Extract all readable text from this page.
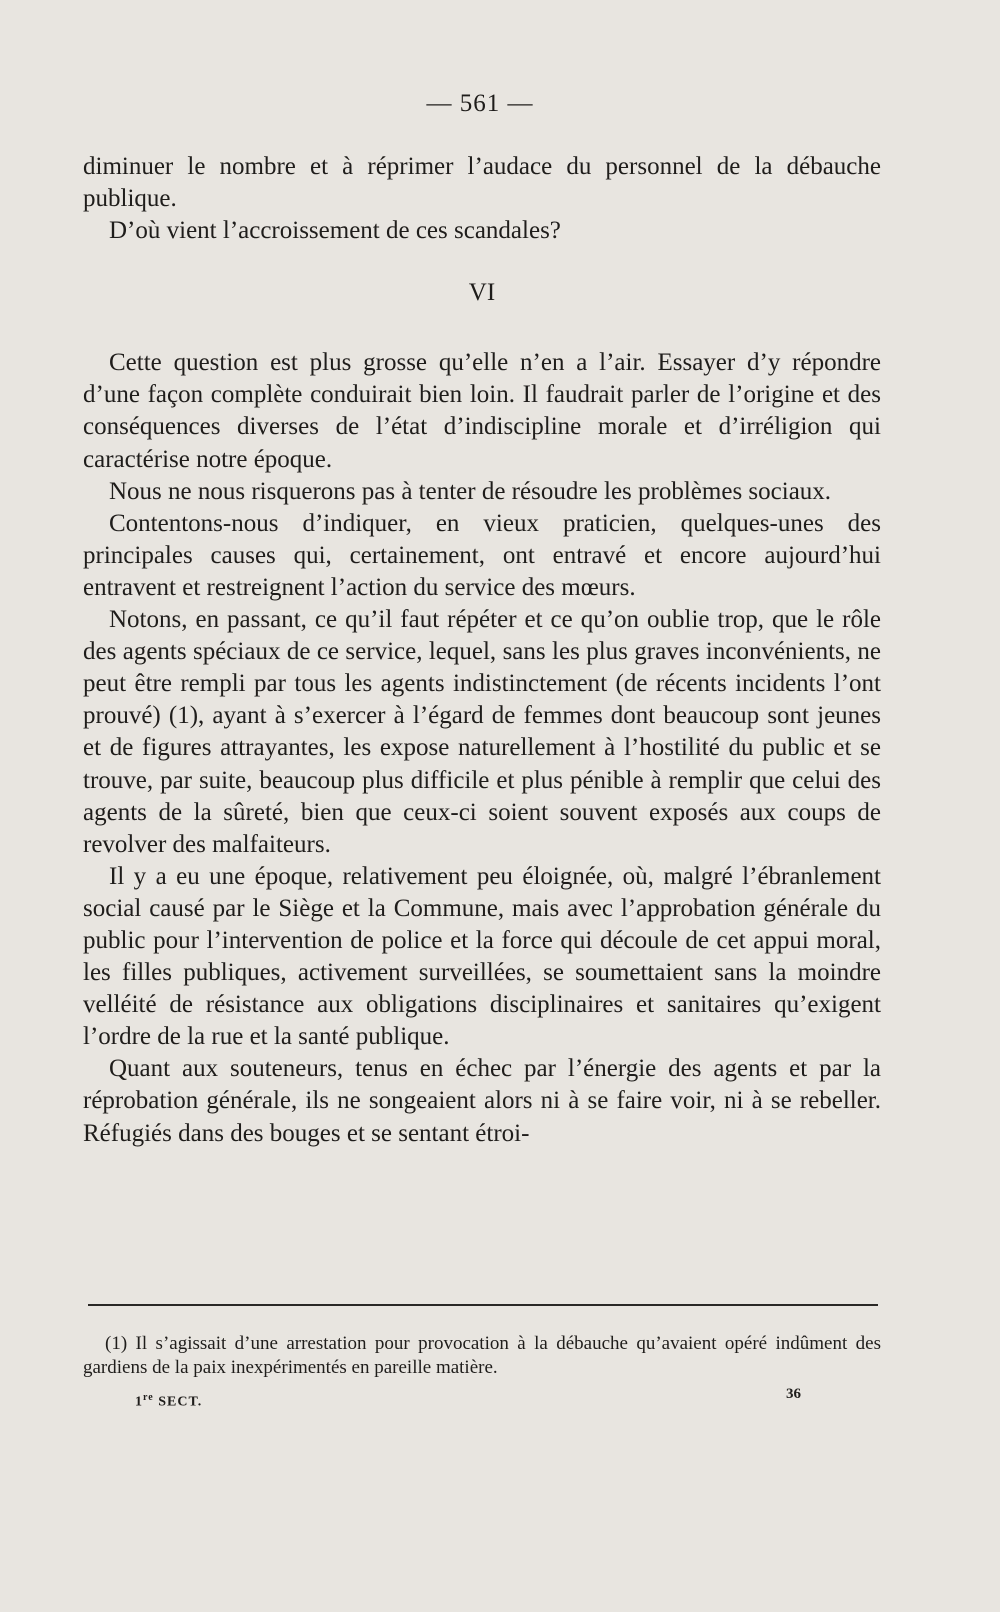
— 561 —

diminuer le nombre et à réprimer l’audace du personnel de la débauche publique.

D’où vient l’accroissement de ces scandales?

VI

Cette question est plus grosse qu’elle n’en a l’air. Essayer d’y répondre d’une façon complète conduirait bien loin. Il faudrait parler de l’origine et des conséquences diverses de l’état d’indiscipline morale et d’irréligion qui caractérise notre époque.

Nous ne nous risquerons pas à tenter de résoudre les problèmes sociaux.

Contentons-nous d’indiquer, en vieux praticien, quelques-unes des principales causes qui, certainement, ont entravé et encore aujourd’hui entravent et restreignent l’action du service des mœurs.

Notons, en passant, ce qu’il faut répéter et ce qu’on oublie trop, que le rôle des agents spéciaux de ce service, lequel, sans les plus graves inconvénients, ne peut être rempli par tous les agents indistinctement (de récents incidents l’ont prouvé) (1), ayant à s’exercer à l’égard de femmes dont beaucoup sont jeunes et de figures attrayantes, les expose naturellement à l’hostilité du public et se trouve, par suite, beaucoup plus difficile et plus pénible à remplir que celui des agents de la sûreté, bien que ceux-ci soient souvent exposés aux coups de revolver des malfaiteurs.

Il y a eu une époque, relativement peu éloignée, où, malgré l’ébranlement social causé par le Siège et la Commune, mais avec l’approbation générale du public pour l’intervention de police et la force qui découle de cet appui moral, les filles publiques, activement surveillées, se soumettaient sans la moindre velléité de résistance aux obligations disciplinaires et sanitaires qu’exigent l’ordre de la rue et la santé publique.

Quant aux souteneurs, tenus en échec par l’énergie des agents et par la réprobation générale, ils ne songeaient alors ni à se faire voir, ni à se rebeller. Réfugiés dans des bouges et se sentant étroi-

(1) Il s’agissait d’une arrestation pour provocation à la débauche qu’avaient opéré indûment des gardiens de la paix inexpérimentés en pareille matière.

1re SECT.
36
